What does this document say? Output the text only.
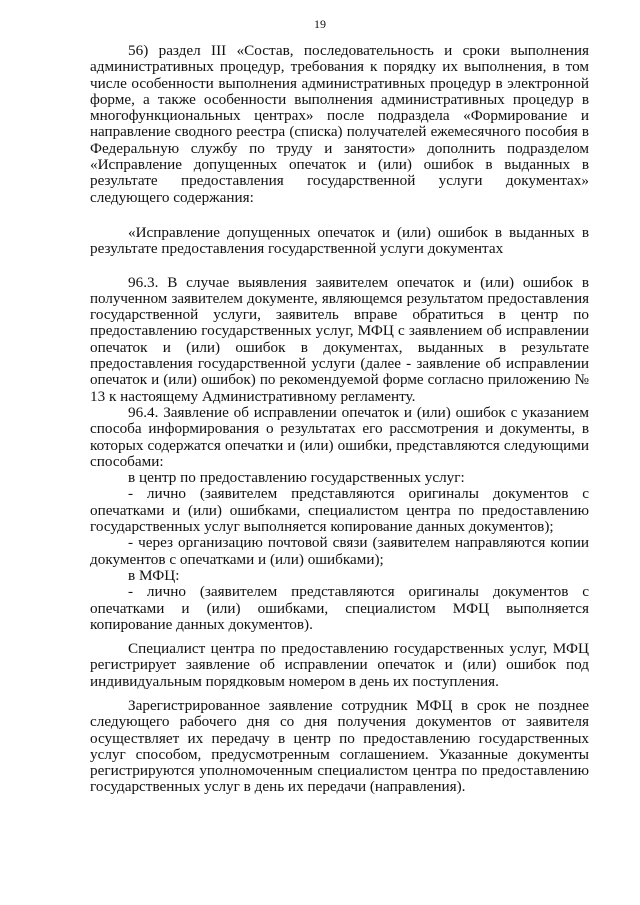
19
56) раздел III «Состав, последовательность и сроки выполнения
административных процедур, требования к порядку их выполнения, в том
числе особенности выполнения административных процедур в электронной
форме, а также особенности выполнения административных процедур в
многофункциональных центрах» после подраздела «Формирование и
направление сводного реестра (списка) получателей ежемесячного пособия в
Федеральную службу по труду и занятости» дополнить подразделом
«Исправление допущенных опечаток и (или) ошибок в выданных в
результате предоставления государственной услуги документах»
следующего содержания:
«Исправление допущенных опечаток и (или) ошибок в выданных в
результате предоставления государственной услуги документах
96.3. В случае выявления заявителем опечаток и (или) ошибок в
полученном заявителем документе, являющемся результатом предоставления
государственной услуги, заявитель вправе обратиться в центр по
предоставлению государственных услуг, МФЦ с заявлением об исправлении
опечаток и (или) ошибок в документах, выданных в результате
предоставления государственной услуги (далее - заявление об исправлении
опечаток и (или) ошибок) по рекомендуемой форме согласно приложению №
13 к настоящему Административному регламенту.
96.4. Заявление об исправлении опечаток и (или) ошибок с указанием
способа информирования о результатах его рассмотрения и документы, в
которых содержатся опечатки и (или) ошибки, представляются следующими
способами:
в центр по предоставлению государственных услуг:
- лично (заявителем представляются оригиналы документов с
опечатками и (или) ошибками, специалистом центра по предоставлению
государственных услуг выполняется копирование данных документов);
- через организацию почтовой связи (заявителем направляются копии
документов с опечатками и (или) ошибками);
в МФЦ:
- лично (заявителем представляются оригиналы документов с
опечатками и (или) ошибками, специалистом МФЦ выполняется
копирование данных документов).
Специалист центра по предоставлению государственных услуг, МФЦ
регистрирует заявление об исправлении опечаток и (или) ошибок под
индивидуальным порядковым номером в день их поступления.
Зарегистрированное заявление сотрудник МФЦ в срок не позднее
следующего рабочего дня со дня получения документов от заявителя
осуществляет их передачу в центр по предоставлению государственных
услуг способом, предусмотренным соглашением. Указанные документы
регистрируются уполномоченным специалистом центра по предоставлению
государственных услуг в день их передачи (направления).
